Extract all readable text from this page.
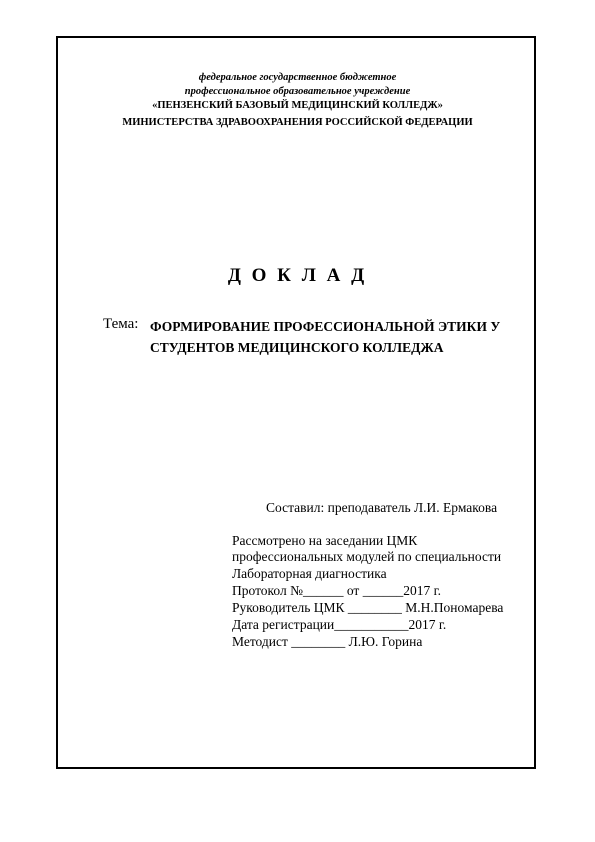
федеральное государственное бюджетное
профессиональное образовательное учреждение
«ПЕНЗЕНСКИЙ БАЗОВЫЙ МЕДИЦИНСКИЙ КОЛЛЕДЖ»
МИНИСТЕРСТВА ЗДРАВООХРАНЕНИЯ РОССИЙСКОЙ ФЕДЕРАЦИИ
Д О К Л А Д
Тема: ФОРМИРОВАНИЕ ПРОФЕССИОНАЛЬНОЙ ЭТИКИ У
СТУДЕНТОВ МЕДИЦИНСКОГО КОЛЛЕДЖА
Составил: преподаватель Л.И. Ермакова
Рассмотрено на заседании ЦМК
профессиональных модулей по специальности
Лабораторная диагностика
Протокол №______ от ______2017 г.
Руководитель ЦМК ________ М.Н.Пономарева
Дата регистрации___________2017 г.
Методист ________ Л.Ю. Горина
